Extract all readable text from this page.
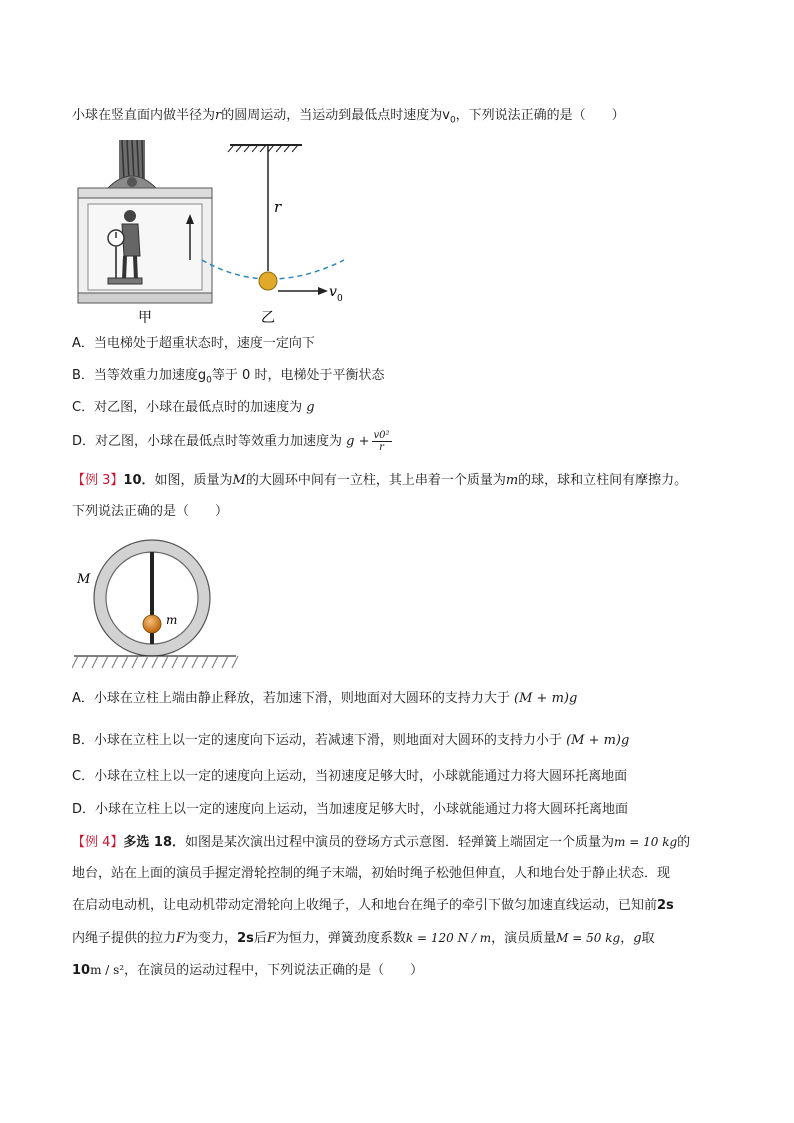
小球在竖直面内做半径为r的圆周运动，当运动到最低点时速度为$v_0$，下列说法正确的是（　　）
甲
r
v 0
乙
A．当电梯处于超重状态时，速度一定向下
B．当等效重力加速度$g_0$等于 0 时，电梯处于平衡状态
C．对乙图，小球在最低点时的加速度为 g
D．对乙图，小球在最低点时等效重力加速度为 $g + \frac{\text{v0²}}{r}$
【例 3】10．如图，质量为M的大圆环中间有一立柱，其上串着一个质量为m的球，球和立柱间有摩擦力。
下列说法正确的是（　　）
M
m
A．小球在立柱上端由静止释放，若加速下滑，则地面对大圆环的支持力大于 (M + m)g
B．小球在立柱上以一定的速度向下运动，若减速下滑，则地面对大圆环的支持力小于 (M + m)g
C．小球在立柱上以一定的速度向上运动，当初速度足够大时，小球就能通过力将大圆环托离地面
D．小球在立柱上以一定的速度向上运动，当加速度足够大时，小球就能通过力将大圆环托离地面
【例 4】多选 18．如图是某次演出过程中演员的登场方式示意图．轻弹簧上端固定一个质量为m = 10 kg的
地台，站在上面的演员手握定滑轮控制的绳子末端，初始时绳子松弛但伸直，人和地台处于静止状态．现
在启动电动机，让电动机带动定滑轮向上收绳子，人和地台在绳子的牵引下做匀加速直线运动，已知前2s
内绳子提供的拉力F为变力，2s后F为恒力，弹簧劲度系数k = 120 N / m，演员质量M = 50 kg，g取
10m / s²，在演员的运动过程中，下列说法正确的是（　　）
